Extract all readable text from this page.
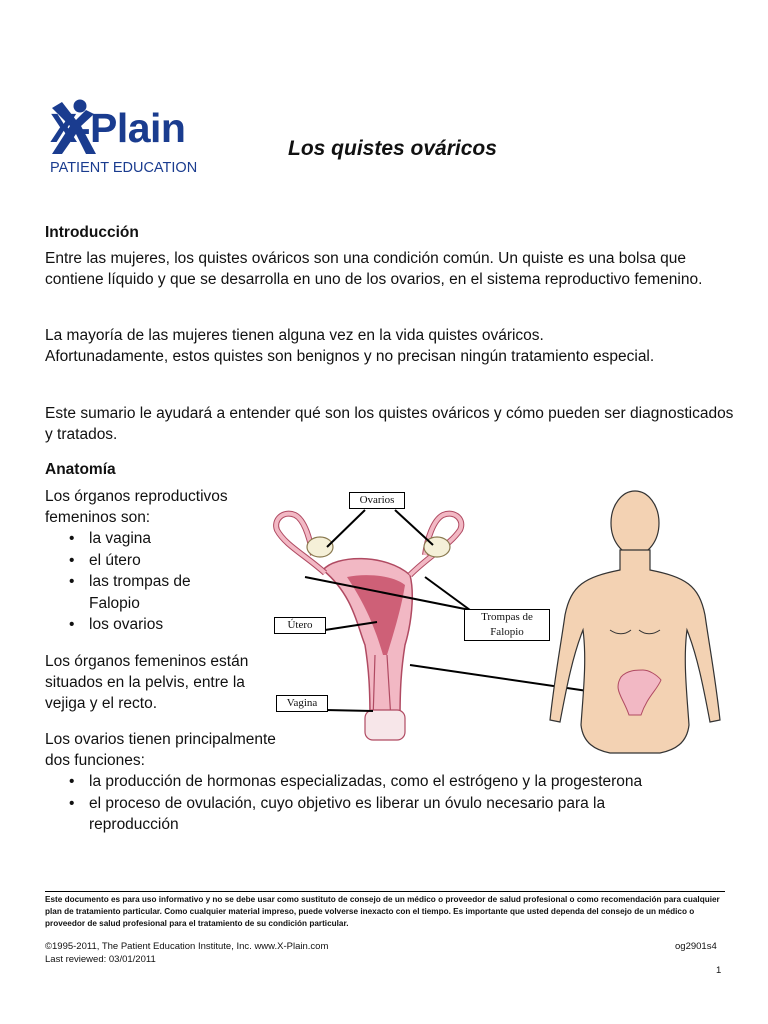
X-Plain
PATIENT EDUCATION
Los quistes ováricos
Introducción
Entre las mujeres, los quistes ováricos son una condición común. Un quiste es una bolsa que contiene líquido y que se desarrolla en uno de los ovarios, en el sistema reproductivo femenino.
La mayoría de las mujeres tienen alguna vez en la vida quistes ováricos. Afortunadamente, estos quistes son benignos y no precisan ningún tratamiento especial.
Este sumario le ayudará a entender qué son los quistes ováricos y cómo pueden ser diagnosticados y tratados.
Anatomía
Los órganos reproductivos femeninos son:
• la vagina
• el útero
• las trompas de Falopio
• los ovarios
Los órganos femeninos están situados en la pelvis, entre la vejiga y el recto.
Los ovarios tienen principalmente dos funciones:
• la producción de hormonas especializadas, como el estrógeno y la progesterona
• el proceso de ovulación, cuyo objetivo es liberar un óvulo necesario para la reproducción
Ovarios
Trompas de Falopio
Útero
Vagina
Este documento es para uso informativo y no se debe usar como sustituto de consejo de un médico o proveedor de salud profesional o como recomendación para cualquier plan de tratamiento particular. Como cualquier material impreso, puede volverse inexacto con el tiempo. Es importante que usted dependa del consejo de un médico o proveedor de salud profesional para el tratamiento de su condición particular.
©1995-2011, The Patient Education Institute, Inc. www.X-Plain.com	og2901s4
Last reviewed: 03/01/2011
1
